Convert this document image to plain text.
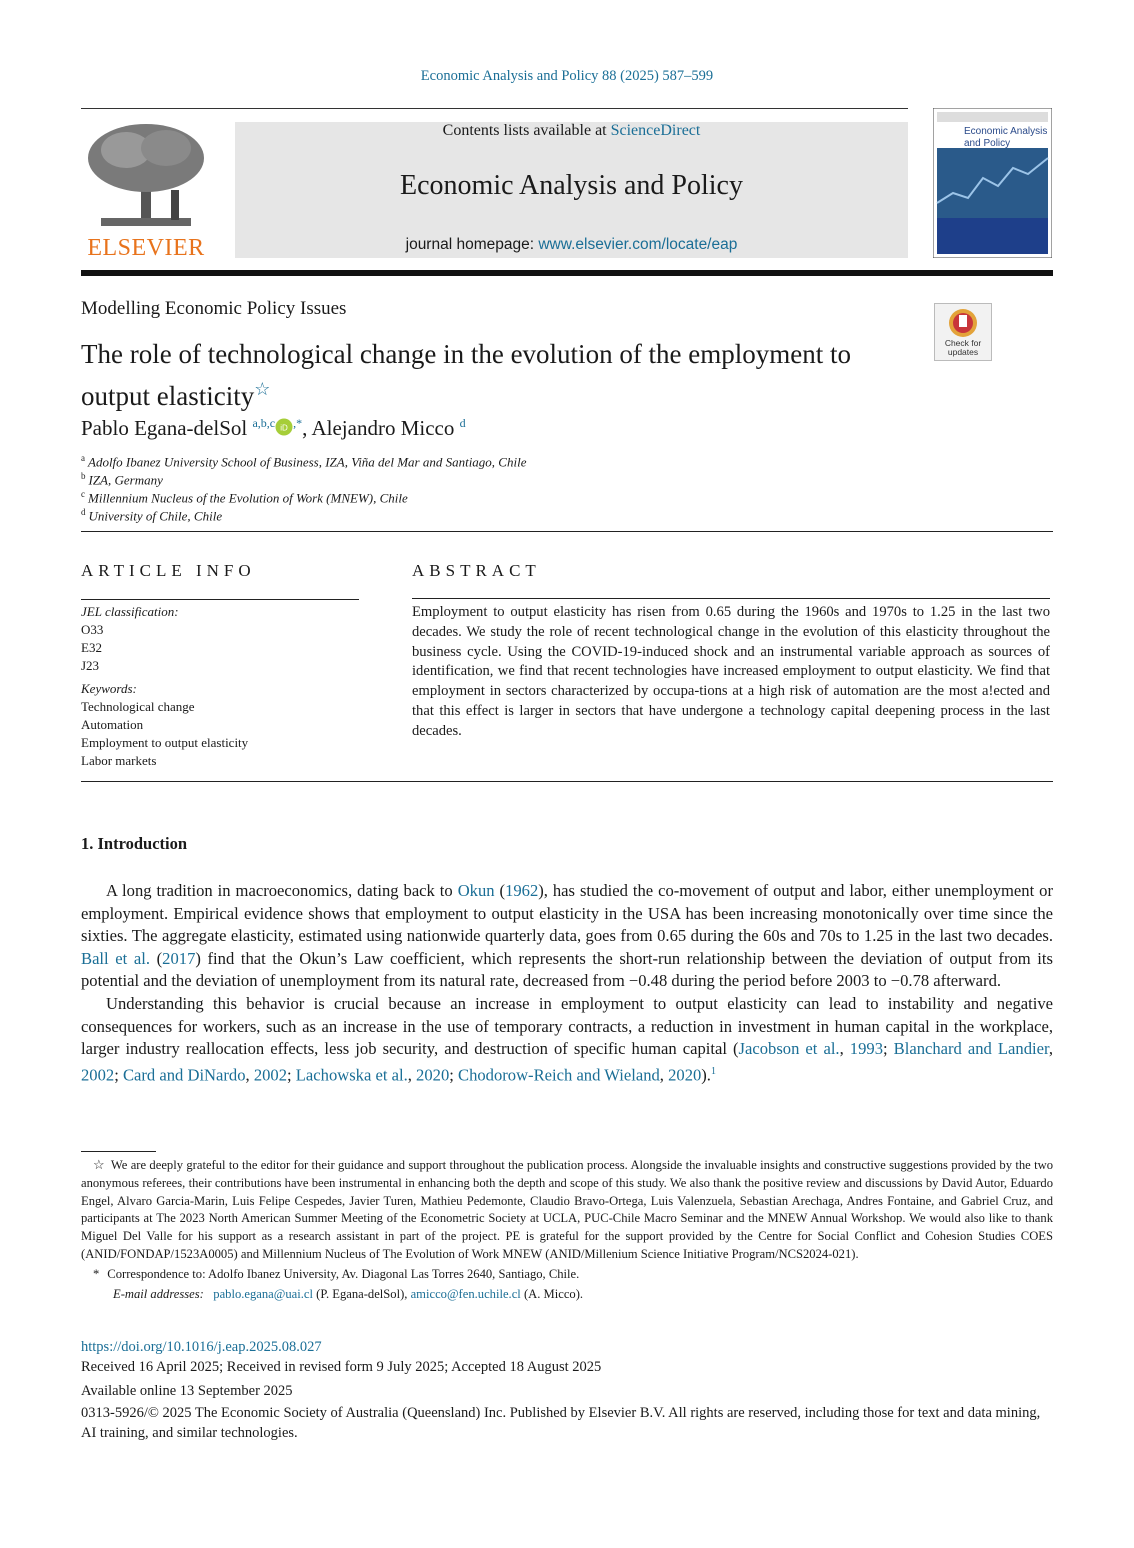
Economic Analysis and Policy 88 (2025) 587–599
ELSEVIER
Contents lists available at ScienceDirect
Economic Analysis and Policy
journal homepage: www.elsevier.com/locate/eap
Economic Analysis
and Policy
Modelling Economic Policy Issues
Check for
updates
The role of technological change in the evolution of the employment to output elasticity☆
Pablo Egana-delSol $^{a,b,c}$ iD ,*, Alejandro Micco $^d$
$^a$ Adolfo Ibanez University School of Business, IZA, Viña del Mar and Santiago, Chile
$^b$ IZA, Germany
$^c$ Millennium Nucleus of the Evolution of Work (MNEW), Chile
$^d$ University of Chile, Chile
ARTICLE INFO	ABSTRACT
JEL classification:
O33
E32
J23
Keywords:
Technological change
Automation
Employment to output elasticity
Labor markets
Employment to output elasticity has risen from 0.65 during the 1960s and 1970s to 1.25 in the last two decades. We study the role of recent technological change in the evolution of this elasticity throughout the business cycle. Using the COVID-19-induced shock and an instrumental variable approach as sources of identification, we find that recent technologies have increased employment to output elasticity. We find that employment in sectors characterized by occupa-tions at a high risk of automation are the most a!ected and that this effect is larger in sectors that have undergone a technology capital deepening process in the last decades.
1. Introduction

A long tradition in macroeconomics, dating back to Okun (1962), has studied the co-movement of output and labor, either unemployment or employment. Empirical evidence shows that employment to output elasticity in the USA has been increasing monotonically over time since the sixties. The aggregate elasticity, estimated using nationwide quarterly data, goes from 0.65 during the 60s and 70s to 1.25 in the last two decades. Ball et al. (2017) find that the Okun’s Law coefficient, which represents the short-run relationship between the deviation of output from its potential and the deviation of unemployment from its natural rate, decreased from −0.48 during the period before 2003 to −0.78 afterward.

Understanding this behavior is crucial because an increase in employment to output elasticity can lead to instability and negative consequences for workers, such as an increase in the use of temporary contracts, a reduction in investment in human capital in the workplace, larger industry reallocation effects, less job security, and destruction of specific human capital (Jacobson et al., 1993; Blanchard and Landier, 2002; Card and DiNardo, 2002; Lachowska et al., 2020; Chodorow-Reich and Wieland, 2020).$^1$

☆ We are deeply grateful to the editor for their guidance and support throughout the publication process. Alongside the invaluable insights and constructive suggestions provided by the two anonymous referees, their contributions have been instrumental in enhancing both the depth and scope of this study. We also thank the positive review and discussions by David Autor, Eduardo Engel, Alvaro Garcia-Marin, Luis Felipe Cespedes, Javier Turen, Mathieu Pedemonte, Claudio Bravo-Ortega, Luis Valenzuela, Sebastian Arechaga, Andres Fontaine, and Gabriel Cruz, and participants at The 2023 North American Summer Meeting of the Econometric Society at UCLA, PUC-Chile Macro Seminar and the MNEW Annual Workshop. We would also like to thank Miguel Del Valle for his support as a research assistant in part of the project. PE is grateful for the support provided by the Centre for Social Conflict and Cohesion Studies COES (ANID/FONDAP/1523A0005) and Millennium Nucleus of The Evolution of Work MNEW (ANID/Millenium Science Initiative Program/NCS2024-021).

* Correspondence to: Adolfo Ibanez University, Av. Diagonal Las Torres 2640, Santiago, Chile.

E-mail addresses: pablo.egana@uai.cl (P. Egana-delSol), amicco@fen.uchile.cl (A. Micco).

https://doi.org/10.1016/j.eap.2025.08.027
Received 16 April 2025; Received in revised form 9 July 2025; Accepted 18 August 2025
Available online 13 September 2025
0313-5926/© 2025 The Economic Society of Australia (Queensland) Inc. Published by Elsevier B.V. All rights are reserved, including those for text and data mining, AI training, and similar technologies.
